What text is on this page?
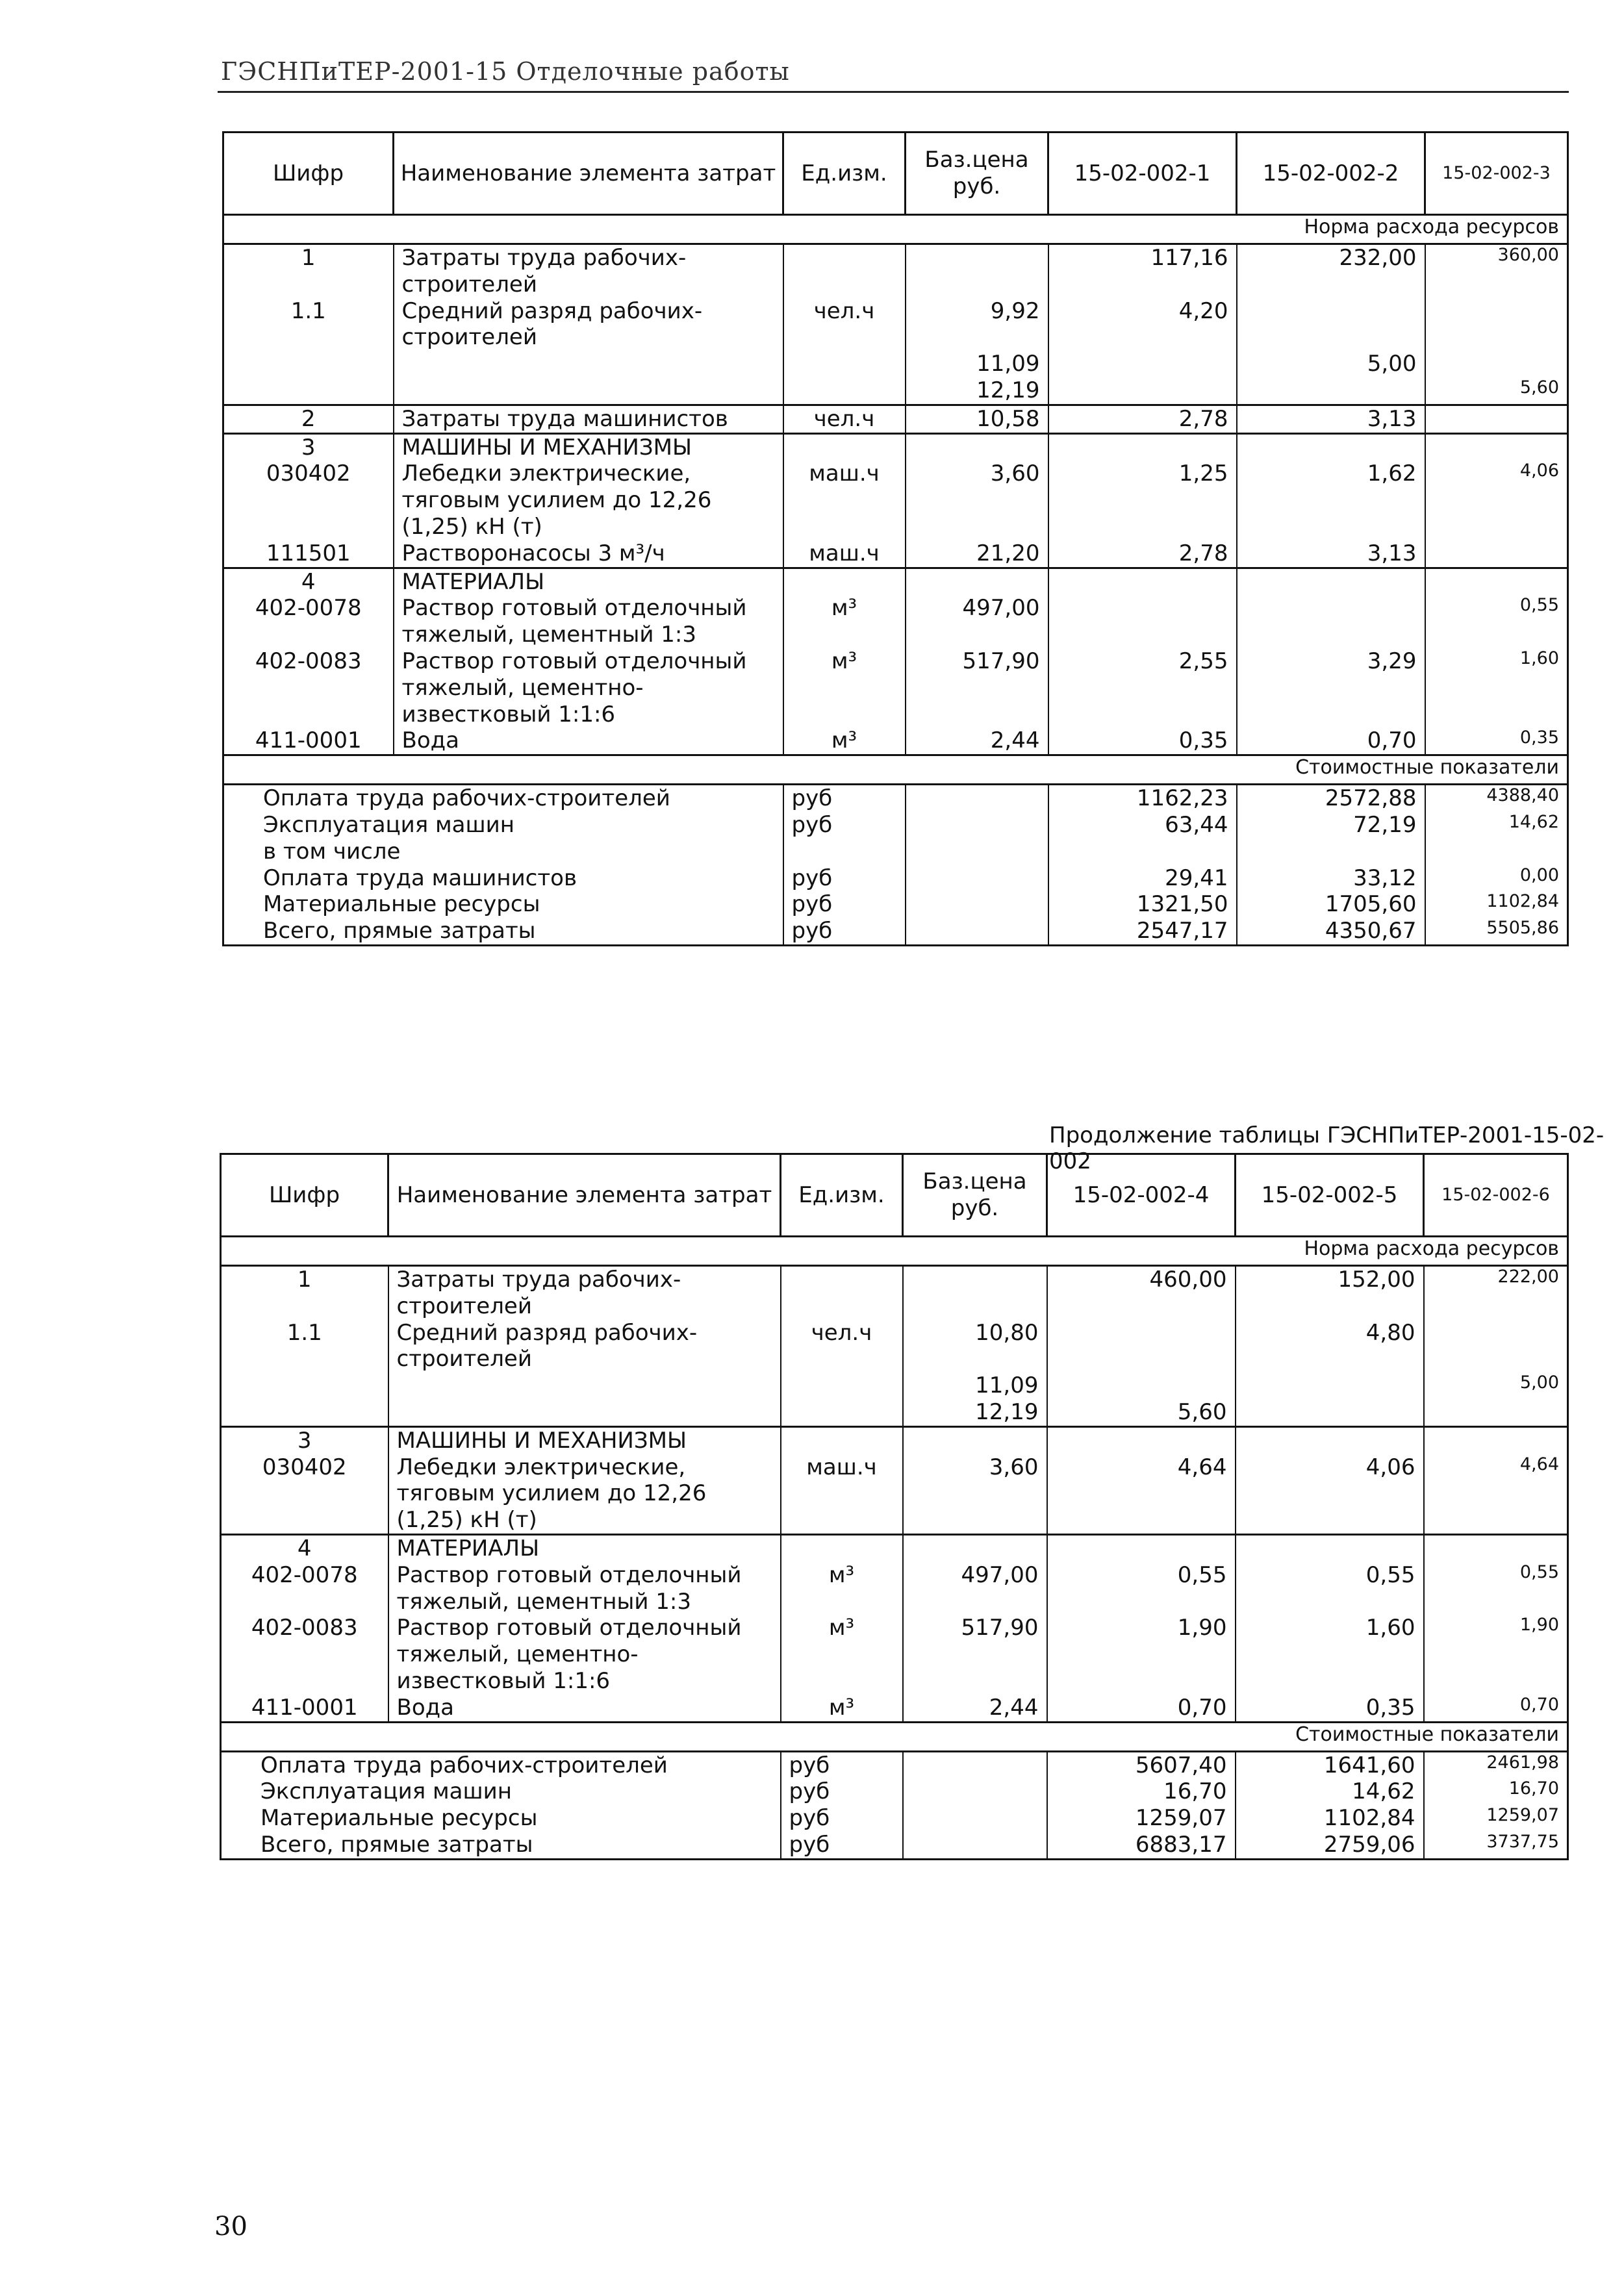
ГЭСНПиТЕР-2001-15 Отделочные работы
Шифр	Наименование элемента затрат	Ед.изм.	Баз.цена руб.	15-02-002-1	15-02-002-2	15-02-002-3
Норма расхода ресурсов						
1	Затраты труда рабочих-строителей			117,16	232,00	360,00
1.1	Средний разряд рабочих-строителей	чел.ч	9,92	4,20		
			11,09		5,00	
			12,19			5,60
2	Затраты труда машинистов	чел.ч	10,58	2,78	3,13	
3	МАШИНЫ И МЕХАНИЗМЫ					
030402	Лебедки электрические, тяговым усилием до 12,26 (1,25) кН (т)	маш.ч	3,60	1,25	1,62	4,06
111501	Растворонасосы 3 м³/ч	маш.ч	21,20	2,78	3,13	
4	МАТЕРИАЛЫ					
402-0078	Раствор готовый отделочный тяжелый, цементный 1:3	м³	497,00			0,55
402-0083	Раствор готовый отделочный тяжелый, цементно-известковый 1:1:6	м³	517,90	2,55	3,29	1,60
411-0001	Вода	м³	2,44	0,35	0,70	0,35
Стоимостные показатели						
Оплата труда рабочих-строителей		руб		1162,23	2572,88	4388,40
Эксплуатация машин		руб		63,44	72,19	14,62
в том числе						
Оплата труда машинистов		руб		29,41	33,12	0,00
Материальные ресурсы		руб		1321,50	1705,60	1102,84
Всего, прямые затраты		руб		2547,17	4350,67	5505,86
Продолжение таблицы ГЭСНПиТЕР-2001-15-02-002
Шифр	Наименование элемента затрат	Ед.изм.	Баз.цена руб.	15-02-002-4	15-02-002-5	15-02-002-6
Норма расхода ресурсов						
1	Затраты труда рабочих-строителей			460,00	152,00	222,00
1.1	Средний разряд рабочих-строителей	чел.ч	10,80		4,80	
			11,09			5,00
			12,19	5,60		
3	МАШИНЫ И МЕХАНИЗМЫ					
030402	Лебедки электрические, тяговым усилием до 12,26 (1,25) кН (т)	маш.ч	3,60	4,64	4,06	4,64
4	МАТЕРИАЛЫ					
402-0078	Раствор готовый отделочный тяжелый, цементный 1:3	м³	497,00	0,55	0,55	0,55
402-0083	Раствор готовый отделочный тяжелый, цементно-известковый 1:1:6	м³	517,90	1,90	1,60	1,90
411-0001	Вода	м³	2,44	0,70	0,35	0,70
Стоимостные показатели						
Оплата труда рабочих-строителей		руб		5607,40	1641,60	2461,98
Эксплуатация машин		руб		16,70	14,62	16,70
Материальные ресурсы		руб		1259,07	1102,84	1259,07
Всего, прямые затраты		руб		6883,17	2759,06	3737,75
30
